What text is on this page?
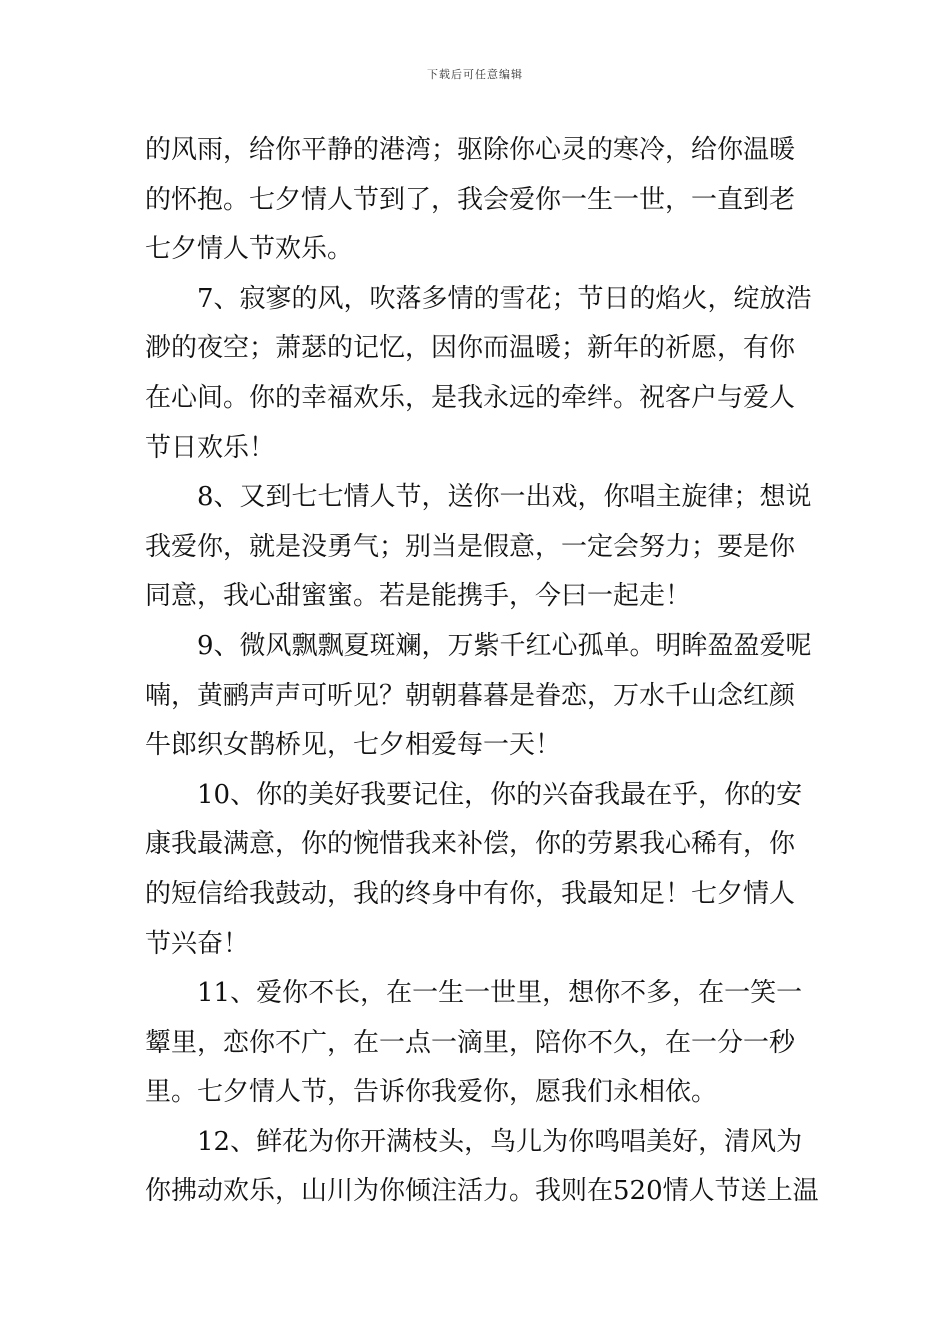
下载后可任意编辑
的风雨，给你平静的港湾；驱除你心灵的寒冷，给你温暖
的怀抱。七夕情人节到了，我会爱你一生一世，一直到老
七夕情人节欢乐。
7、寂寥的风，吹落多情的雪花；节日的焰火，绽放浩
渺的夜空；萧瑟的记忆，因你而温暖；新年的祈愿，有你
在心间。你的幸福欢乐，是我永远的牵绊。祝客户与爱人
节日欢乐！
8、又到七七情人节，送你一出戏，你唱主旋律；想说
我爱你，就是没勇气；别当是假意，一定会努力；要是你
同意，我心甜蜜蜜。若是能携手，今曰一起走！
9、微风飘飘夏斑斓，万紫千红心孤单。明眸盈盈爱呢
喃，黄鹂声声可听见？朝朝暮暮是眷恋，万水千山念红颜
牛郎织女鹊桥见，七夕相爱每一天！
10、你的美好我要记住，你的兴奋我最在乎，你的安
康我最满意，你的惋惜我来补偿，你的劳累我心稀有，你
的短信给我鼓动，我的终身中有你，我最知足！七夕情人
节兴奋！
11、爱你不长，在一生一世里，想你不多，在一笑一
颦里，恋你不广，在一点一滴里，陪你不久，在一分一秒
里。七夕情人节，告诉你我爱你，愿我们永相依。
12、鲜花为你开满枝头，鸟儿为你鸣唱美好，清风为
你拂动欢乐，山川为你倾注活力。我则在520情人节送上温
